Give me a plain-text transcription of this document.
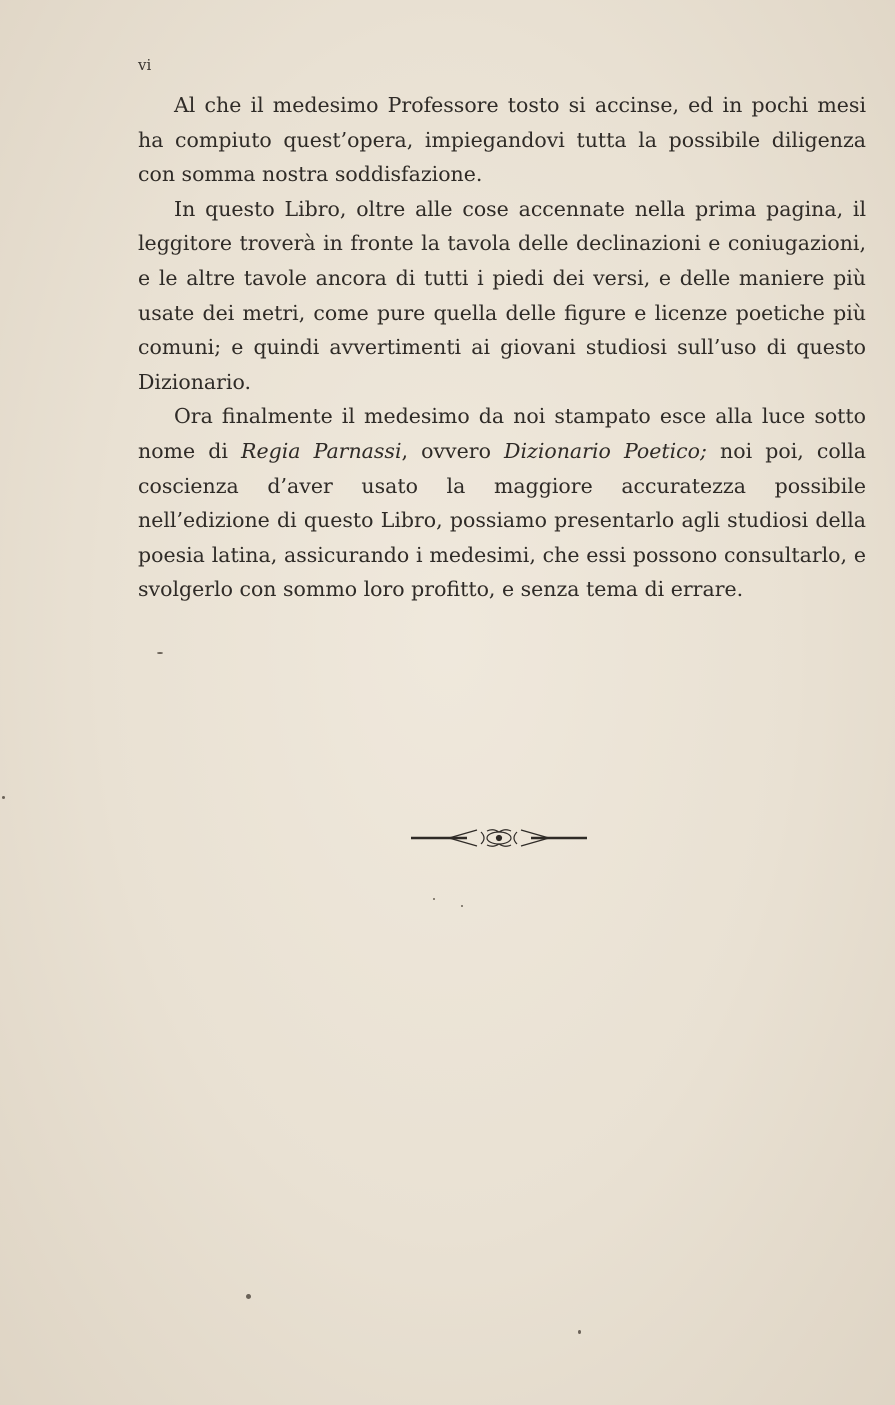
vi

Al che il medesimo Professore tosto si accinse, ed in pochi mesi ha compiuto quest’opera, impiegandovi tutta la possibile diligenza con somma nostra soddisfazione.

In questo Libro, oltre alle cose accennate nella prima pagina, il leggitore troverà in fronte la tavola delle declinazioni e coniugazioni, e le altre tavole ancora di tutti i piedi dei versi, e delle maniere più usate dei metri, come pure quella delle figure e licenze poetiche più comuni; e quindi avvertimenti ai giovani studiosi sull’uso di questo Dizionario.

Ora finalmente il medesimo da noi stampato esce alla luce sotto nome di Regia Parnassi, ovvero Dizionario Poetico; noi poi, colla coscienza d’aver usato la maggiore accuratezza possibile nell’edizione di questo Libro, possiamo presentarlo agli studiosi della poesia latina, assicurando i medesimi, che essi possono consultarlo, e svolgerlo con sommo loro profitto, e senza tema di errare.
